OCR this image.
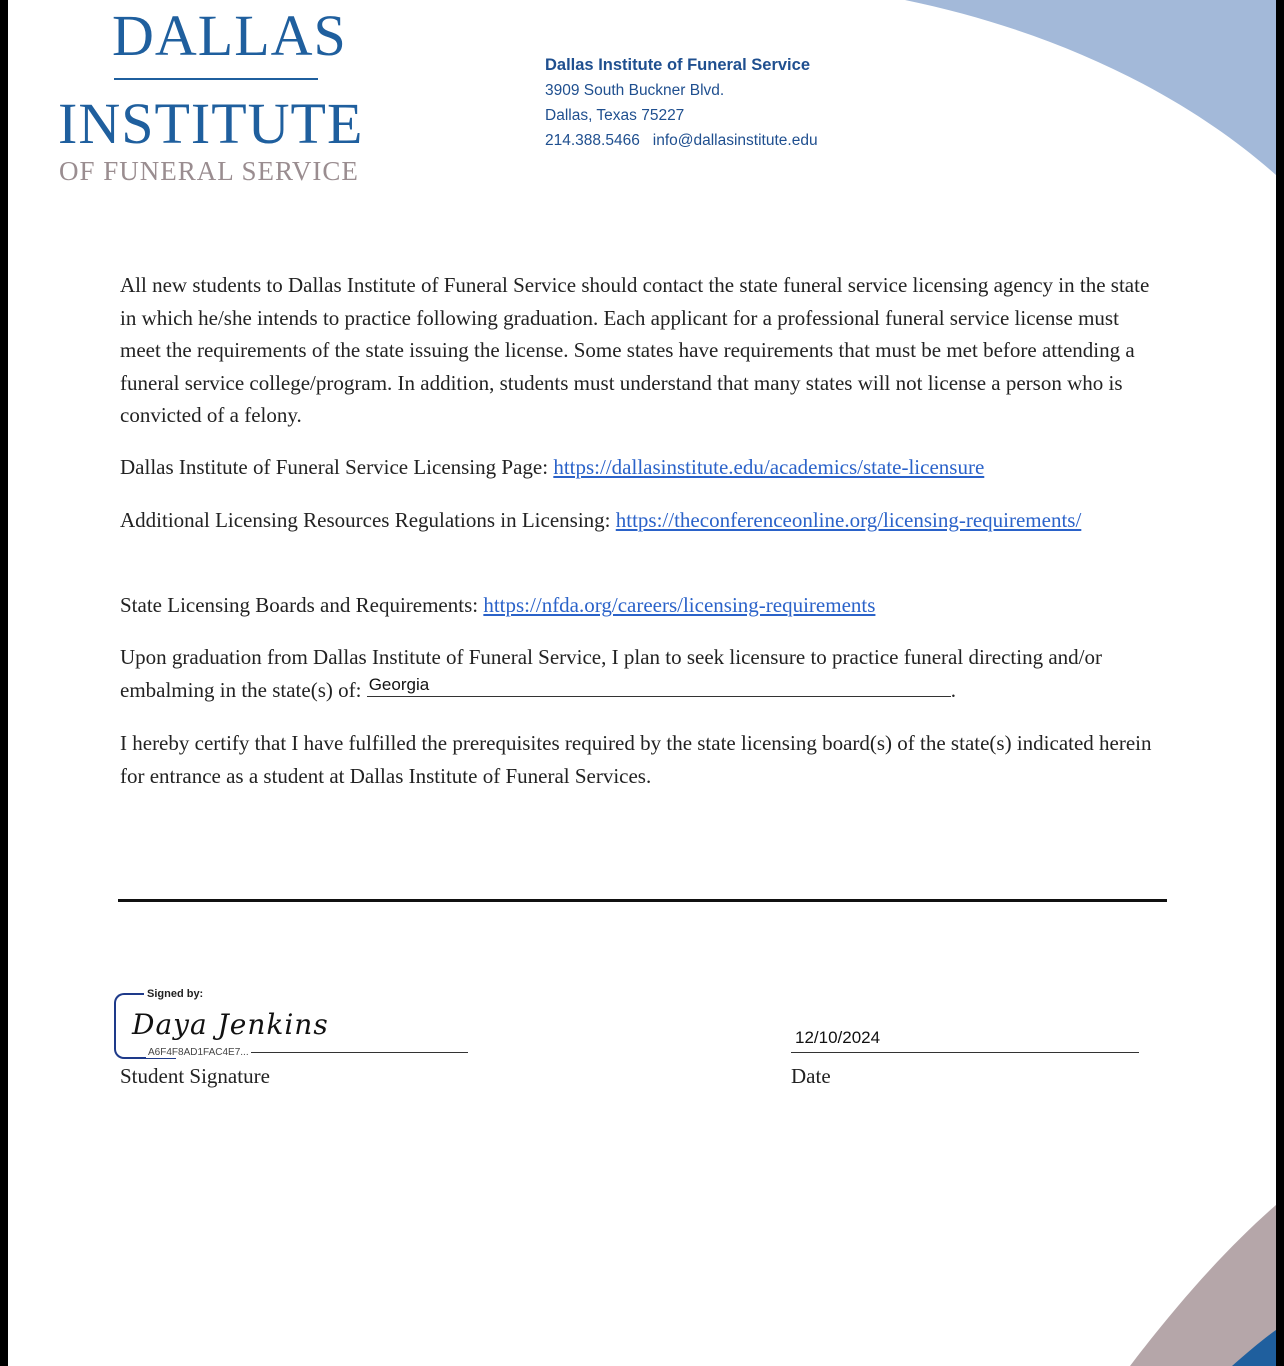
DALLAS
INSTITUTE
OF FUNERAL SERVICE
Dallas Institute of Funeral Service
3909 South Buckner Blvd.
Dallas, Texas 75227
214.388.5466 info@dallasinstitute.edu
All new students to Dallas Institute of Funeral Service should contact the state funeral service licensing agency in the state in which he/she intends to practice following graduation. Each applicant for a professional funeral service license must meet the requirements of the state issuing the license. Some states have requirements that must be met before attending a funeral service college/program. In addition, students must understand that many states will not license a person who is convicted of a felony.
Dallas Institute of Funeral Service Licensing Page: https://dallasinstitute.edu/academics/state-licensure
Additional Licensing Resources Regulations in Licensing: https://theconferenceonline.org/licensing-requirements/
State Licensing Boards and Requirements: https://nfda.org/careers/licensing-requirements
Upon graduation from Dallas Institute of Funeral Service, I plan to seek licensure to practice funeral directing and/or embalming in the state(s) of: Georgia	.
I hereby certify that I have fulfilled the prerequisites required by the state licensing board(s) of the state(s) indicated herein for entrance as a student at Dallas Institute of Funeral Services.
Signed by:
Daya Jenkins
A6F4F8AD1FAC4E7...
Student Signature
12/10/2024
Date
